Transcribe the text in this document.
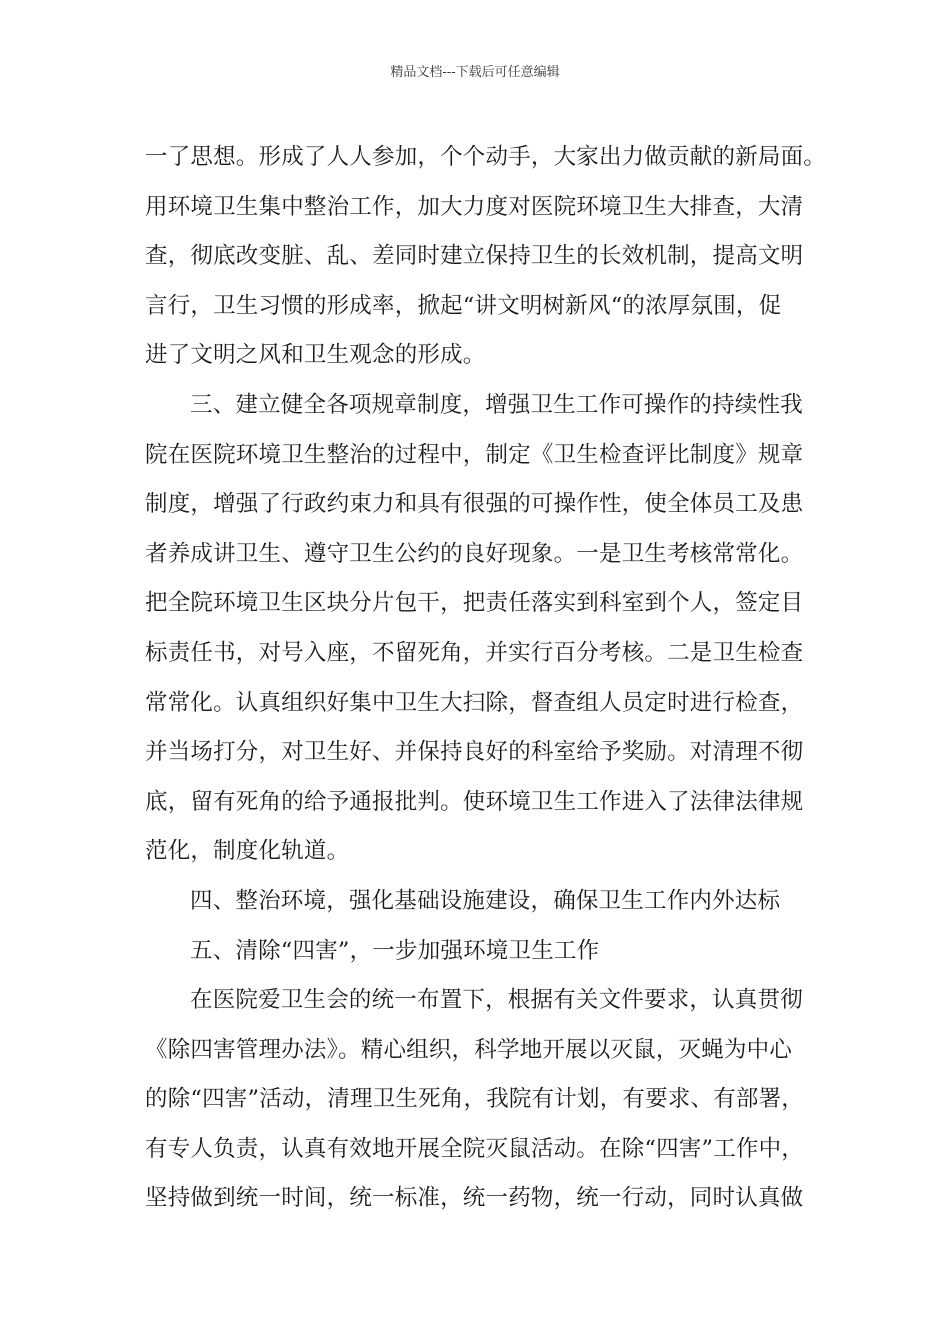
精品文档---下载后可任意编辑
一了思想。形成了人人参加，个个动手，大家出力做贡献的新局面。
用环境卫生集中整治工作，加大力度对医院环境卫生大排查，大清
查，彻底改变脏、乱、差同时建立保持卫生的长效机制，提高文明
言行，卫生习惯的形成率，掀起“讲文明树新风“的浓厚氛围，促
进了文明之风和卫生观念的形成。
三、建立健全各项规章制度，增强卫生工作可操作的持续性我
院在医院环境卫生整治的过程中，制定《卫生检查评比制度》规章
制度，增强了行政约束力和具有很强的可操作性，使全体员工及患
者养成讲卫生、遵守卫生公约的良好现象。一是卫生考核常常化。
把全院环境卫生区块分片包干，把责任落实到科室到个人，签定目
标责任书，对号入座，不留死角，并实行百分考核。二是卫生检查
常常化。认真组织好集中卫生大扫除，督查组人员定时进行检查，
并当场打分，对卫生好、并保持良好的科室给予奖励。对清理不彻
底，留有死角的给予通报批判。使环境卫生工作进入了法律法律规
范化，制度化轨道。
四、整治环境，强化基础设施建设，确保卫生工作内外达标
五、清除“四害”，一步加强环境卫生工作
在医院爱卫生会的统一布置下，根据有关文件要求，认真贯彻
《除四害管理办法》。精心组织，科学地开展以灭鼠，灭蝇为中心
的除“四害”活动，清理卫生死角，我院有计划，有要求、有部署，
有专人负责，认真有效地开展全院灭鼠活动。在除“四害”工作中，
坚持做到统一时间，统一标准，统一药物，统一行动，同时认真做
